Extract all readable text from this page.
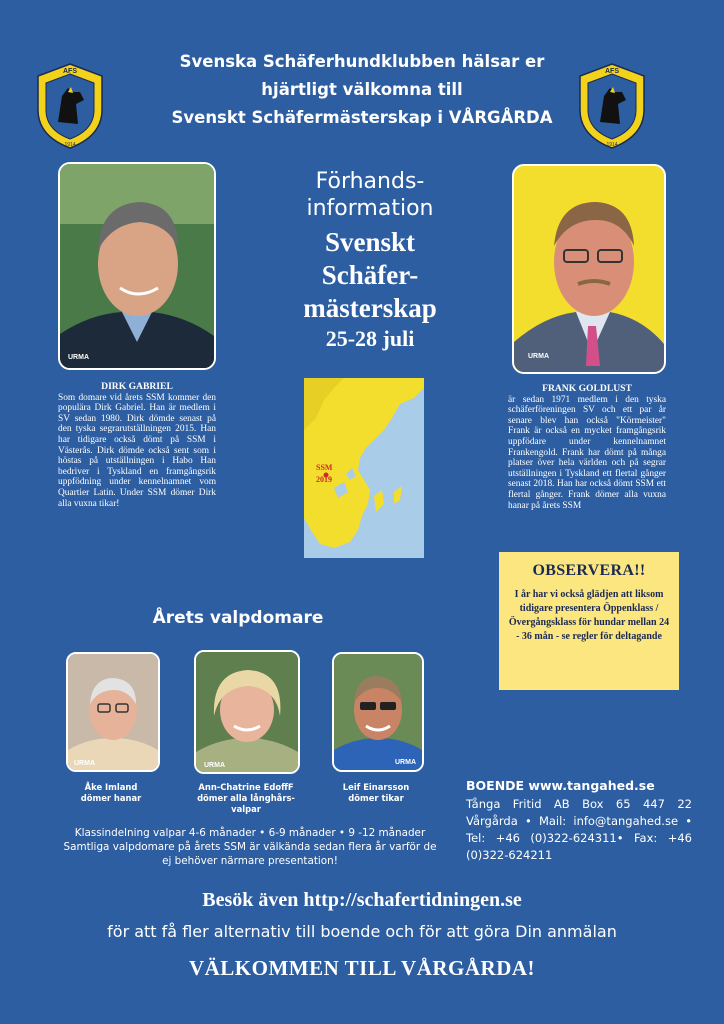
AFS
1914
AFS
1914
Svenska Schäferhundklubben hälsar er
hjärtligt välkomna till
Svenskt Schäfermästerskap i VÅRGÅRDA
URMA	URMA
Förhands-
information
Svenskt
Schäfer-
mästerskap
25-28 juli
SSM
2019
DIRK GABRIEL
Som domare vid årets SSM kommer den populära Dirk Gabriel. Han är medlem i SV sedan 1980. Dirk dömde senast på den tyska segrarutställningen 2015. Han har tidigare också dömt på SSM i Västerås. Dirk dömde också sent som i höstas på utställningen i Habo Han bedriver i Tyskland en framgångsrik uppfödning under kennelnamnet vom Quartier Latin. Under SSM dömer Dirk alla vuxna tikar!
FRANK GOLDLUST
är sedan 1971 medlem i den tyska schäferföreningen SV och ett par år senare blev han också "Körmeister" Frank är också en mycket framgångsrik uppfödare under kennelnamnet Frankengold. Frank har dömt på många platser över hela världen och på segrar utställningen i Tyskland ett flertal gånger senast 2018. Han har också dömt SSM ett flertal gånger. Frank dömer alla vuxna hanar på årets SSM
OBSERVERA!!

I år har vi också glädjen att liksom tidigare presentera Öppenklass / Övergångsklass för hundar mellan 24 - 36 mån - se regler för deltagande

Årets valpdomare
URMA	URMA	URMA
Åke Imland
dömer hanar
Ann-Chatrine EdoffF
dömer alla långhårs-valpar
Leif Einarsson
dömer tikar
Klassindelning valpar 4-6 månader • 6-9 månader • 9 -12 månader Samtliga valpdomare på årets SSM är välkända sedan flera år varför de ej behöver närmare presentation!
BOENDE www.tangahed.se
Tånga Fritid AB Box 65 447 22 Vårgårda • Mail: info@tangahed.se • Tel: +46 (0)322-624311• Fax: +46 (0)322-624211
Besök även http://schafertidningen.se
för att få fler alternativ till boende och för att göra Din anmälan
VÄLKOMMEN TILL VÅRGÅRDA!
